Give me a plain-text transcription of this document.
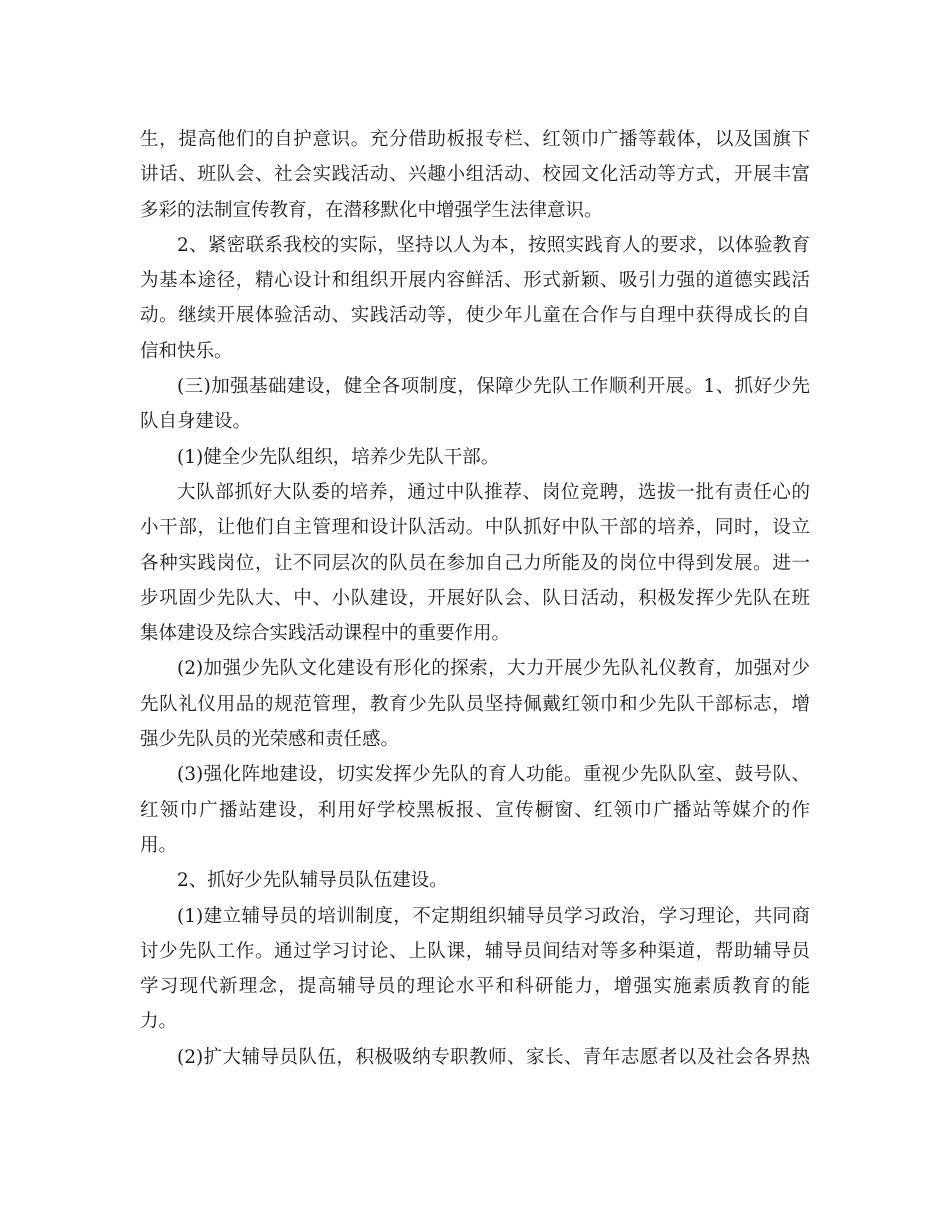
生，提高他们的自护意识。充分借助板报专栏、红领巾广播等载体，以及国旗下
讲话、班队会、社会实践活动、兴趣小组活动、校园文化活动等方式，开展丰富
多彩的法制宣传教育，在潜移默化中增强学生法律意识。
2、紧密联系我校的实际，坚持以人为本，按照实践育人的要求，以体验教育
为基本途径，精心设计和组织开展内容鲜活、形式新颖、吸引力强的道德实践活
动。继续开展体验活动、实践活动等，使少年儿童在合作与自理中获得成长的自
信和快乐。
(三)加强基础建设，健全各项制度，保障少先队工作顺利开展。1、抓好少先
队自身建设。
(1)健全少先队组织，培养少先队干部。
大队部抓好大队委的培养，通过中队推荐、岗位竞聘，选拔一批有责任心的
小干部，让他们自主管理和设计队活动。中队抓好中队干部的培养，同时，设立
各种实践岗位，让不同层次的队员在参加自己力所能及的岗位中得到发展。进一
步巩固少先队大、中、小队建设，开展好队会、队日活动，积极发挥少先队在班
集体建设及综合实践活动课程中的重要作用。
(2)加强少先队文化建设有形化的探索，大力开展少先队礼仪教育，加强对少
先队礼仪用品的规范管理，教育少先队员坚持佩戴红领巾和少先队干部标志，增
强少先队员的光荣感和责任感。
(3)强化阵地建设，切实发挥少先队的育人功能。重视少先队队室、鼓号队、
红领巾广播站建设，利用好学校黑板报、宣传橱窗、红领巾广播站等媒介的作
用。
2、抓好少先队辅导员队伍建设。
(1)建立辅导员的培训制度，不定期组织辅导员学习政治，学习理论，共同商
讨少先队工作。通过学习讨论、上队课，辅导员间结对等多种渠道，帮助辅导员
学习现代新理念，提高辅导员的理论水平和科研能力，增强实施素质教育的能
力。
(2)扩大辅导员队伍，积极吸纳专职教师、家长、青年志愿者以及社会各界热
